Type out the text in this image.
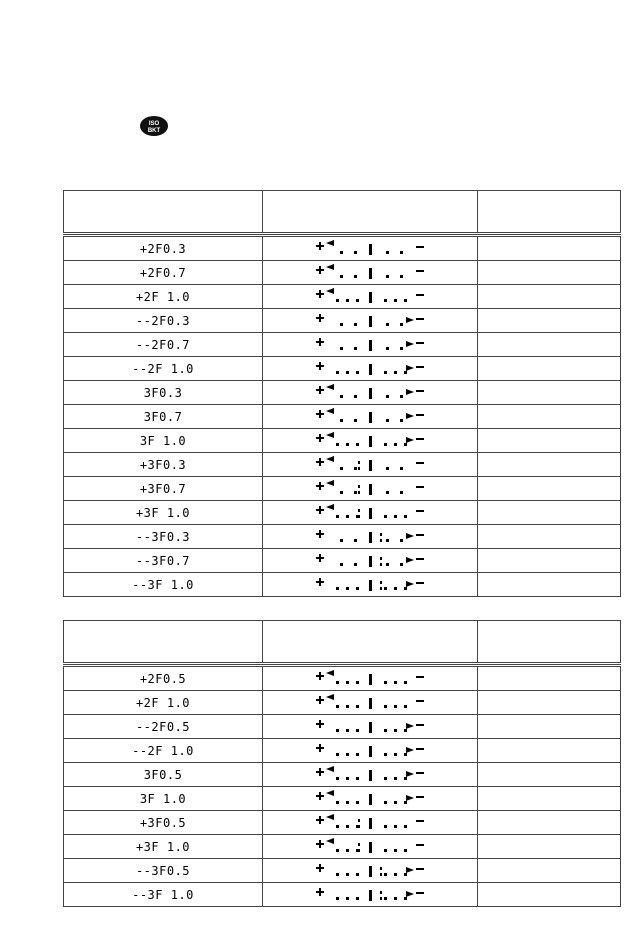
ISO
BKT

+2F0.3	

+2F0.7	

+2F 1.0	

--2F0.3	

--2F0.7	

--2F 1.0	

3F0.3	

3F0.7	

3F 1.0	

+3F0.3	

+3F0.7	

+3F 1.0	

--3F0.3	

--3F0.7	

--3F 1.0	

+2F0.5	

+2F 1.0	

--2F0.5	

--2F 1.0	

3F0.5	

3F 1.0	

+3F0.5	

+3F 1.0	

--3F0.5	

--3F 1.0	
